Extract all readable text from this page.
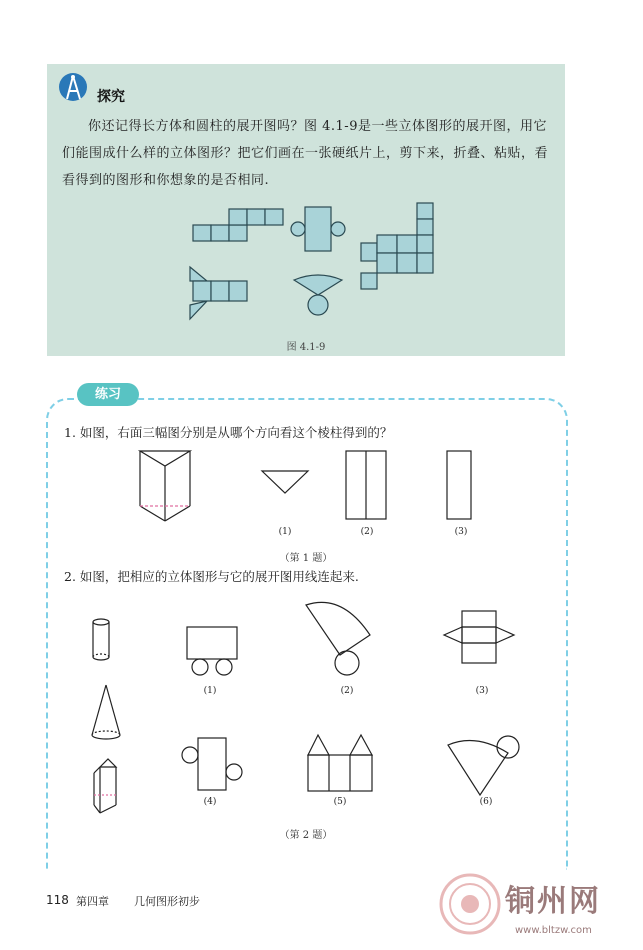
探究
你还记得长方体和圆柱的展开图吗？图 4.1-9是一些立体图形的展开图，用它们能围成什么样的立体图形？把它们画在一张硬纸片上，剪下来，折叠、粘贴，看看得到的图形和你想象的是否相同.
图 4.1-9
练习
1. 如图，右面三幅图分别是从哪个方向看这个棱柱得到的？
(1)	(2)	(3)
（第 1 题）
2. 如图，把相应的立体图形与它的展开图用线连起来.
(1)	(2)	(3)
(4)	(5)	(6)
（第 2 题）
118 第四章 几何图形初步	铜州网
www.bltzw.com
